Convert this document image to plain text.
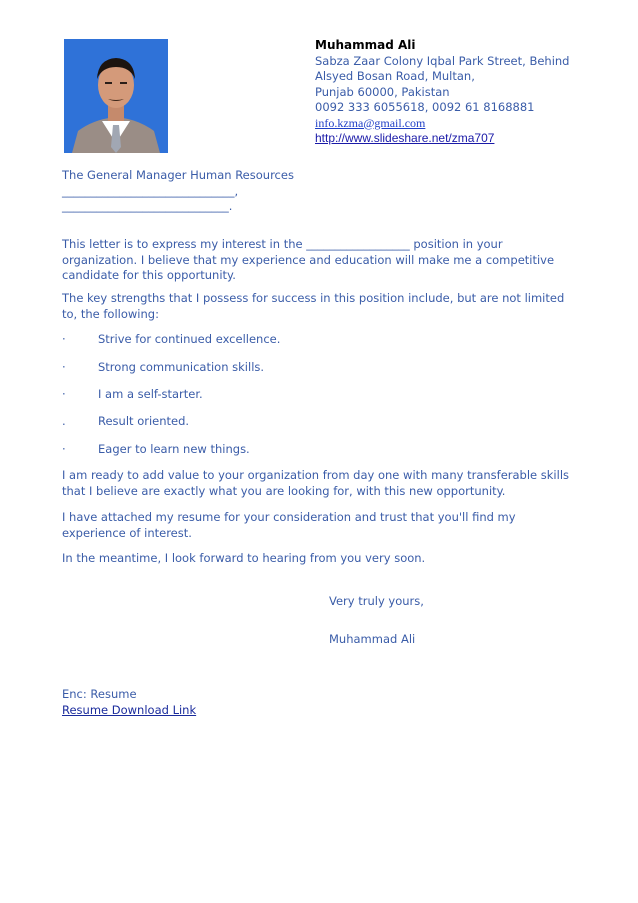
Muhammad Ali
Sabza Zaar Colony Iqbal Park Street, Behind
Alsyed Bosan Road, Multan,
Punjab 60000, Pakistan
0092 333 6055618, 0092 61 8168881
info.kzma@gmail.com
http://www.slideshare.net/zma707
The General Manager Human Resources
______________________________,
_____________________________.

This letter is to express my interest in the __________________ position in your organization. I believe that my experience and education will make me a competitive candidate for this opportunity.

The key strengths that I possess for success in this position include, but are not limited to, the following:

·	Strive for continued excellence.
·	Strong communication skills.
·	I am a self-starter.
.	Result oriented.
·	Eager to learn new things.

I am ready to add value to your organization from day one with many transferable skills that I believe are exactly what you are looking for, with this new opportunity.

I have attached my resume for your consideration and trust that you'll find my experience of interest.

In the meantime, I look forward to hearing from you very soon.

Very truly yours,
Muhammad Ali
Enc: Resume
Resume Download Link
